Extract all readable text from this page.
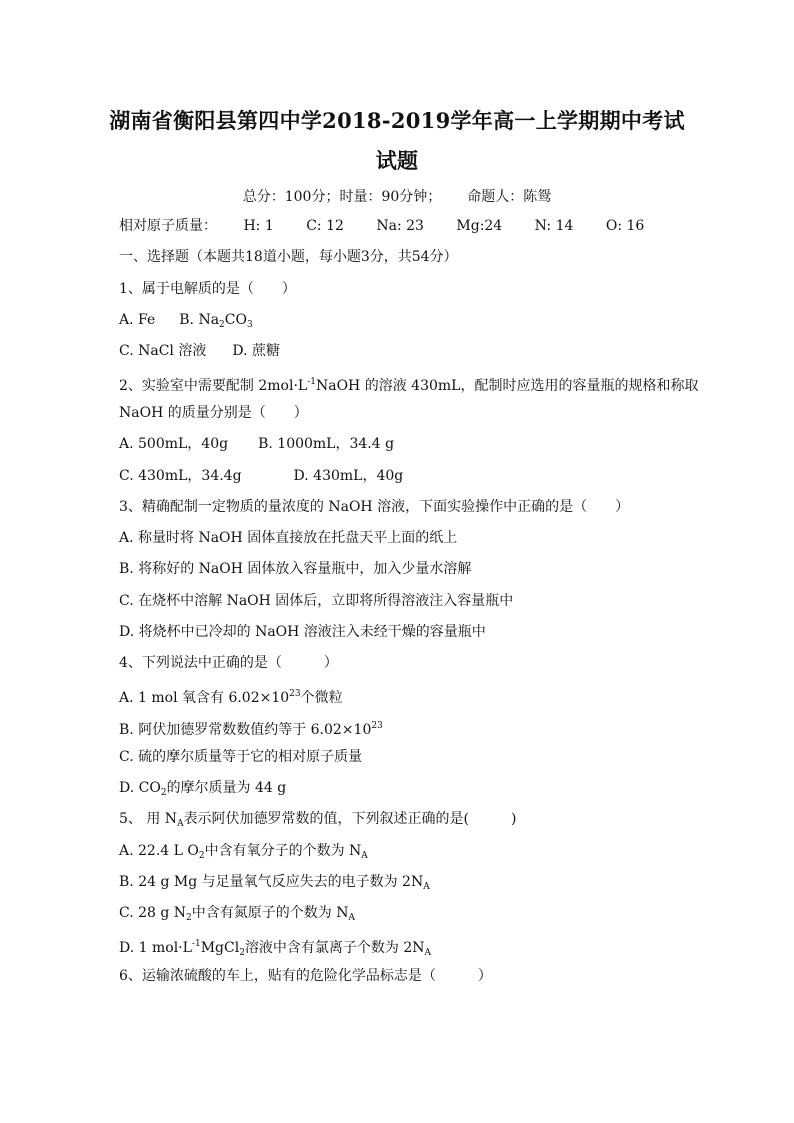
湖南省衡阳县第四中学2018-2019学年高一上学期期中考试
试题
总分：100分；时量：90分钟； 命题人：陈鸳
相对原子质量： H: 1 C: 12 Na: 23 Mg:24 N: 14 O: 16
一、选择题（本题共18道小题，每小题3分，共54分）
1、属于电解质的是（　　）
A. Fe B. $Na_2CO_3$
C. NaCl 溶液 D. 蔗糖
2、实验室中需要配制 $2mol\cdot L^{-1}NaOH$ 的溶液 430mL，配制时应选用的容量瓶的规格和称取
NaOH 的质量分别是（　　）
A. 500mL，40g B. 1000mL，34.4 g
C. 430mL，34.4g	D. 430mL，40g
3、精确配制一定物质的量浓度的 NaOH 溶液，下面实验操作中正确的是（　　）
A. 称量时将 NaOH 固体直接放在托盘天平上面的纸上
B. 将称好的 NaOH 固体放入容量瓶中，加入少量水溶解
C. 在烧杯中溶解 NaOH 固体后，立即将所得溶液注入容量瓶中
D. 将烧杯中已冷却的 NaOH 溶液注入未经干燥的容量瓶中
4、下列说法中正确的是（　　　）
A. 1 mol 氧含有 $6.02\times 10^{23}$个微粒
B. 阿伏加德罗常数数值约等于 $6.02\times 10^{23}$
C. 硫的摩尔质量等于它的相对原子质量
D. $CO_2$的摩尔质量为 44 g
5、 用 $N_A$表示阿伏加德罗常数的值，下列叙述正确的是(　　　)
A. 22.4 L $O_2$中含有氧分子的个数为 $N_A$
B. 24 g Mg 与足量氧气反应失去的电子数为 $2N_A$
C. 28 g $N_2$中含有氮原子的个数为 $N_A$
D. 1 $mol\cdot L^{-1}MgCl_2$溶液中含有氯离子个数为 $2N_A$
6、运输浓硫酸的车上，贴有的危险化学品标志是（　　　）
